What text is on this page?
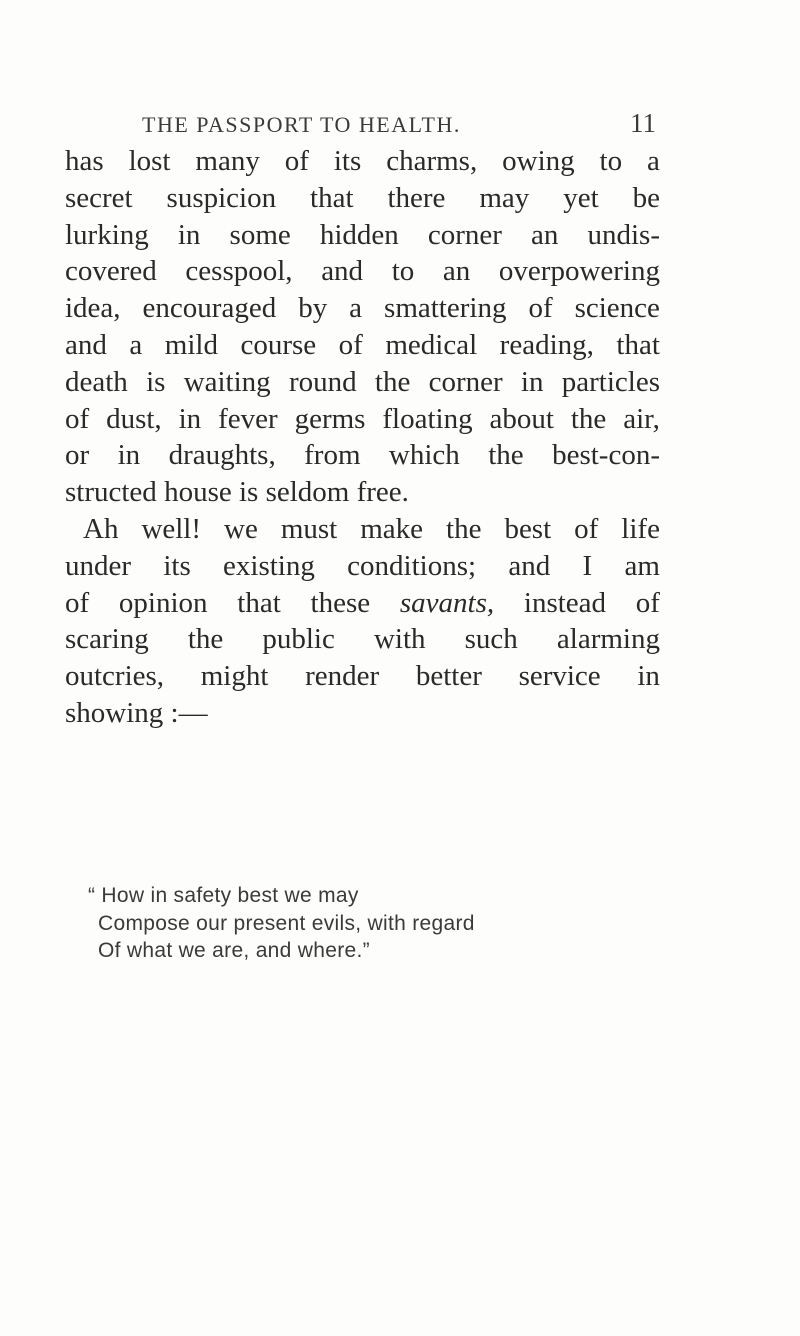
THE PASSPORT TO HEALTH.	11
has lost many of its charms, owing to a
secret suspicion that there may yet be
lurking in some hidden corner an undis-
covered cesspool, and to an overpowering
idea, encouraged by a smattering of science
and a mild course of medical reading, that
death is waiting round the corner in particles
of dust, in fever germs floating about the air,
or in draughts, from which the best-con-
structed house is seldom free.
Ah well! we must make the best of life
under its existing conditions; and I am
of opinion that these savants, instead of
scaring the public with such alarming
outcries, might render better service in
showing :—
“ How in safety best we may
Compose our present evils, with regard
Of what we are, and where.”
